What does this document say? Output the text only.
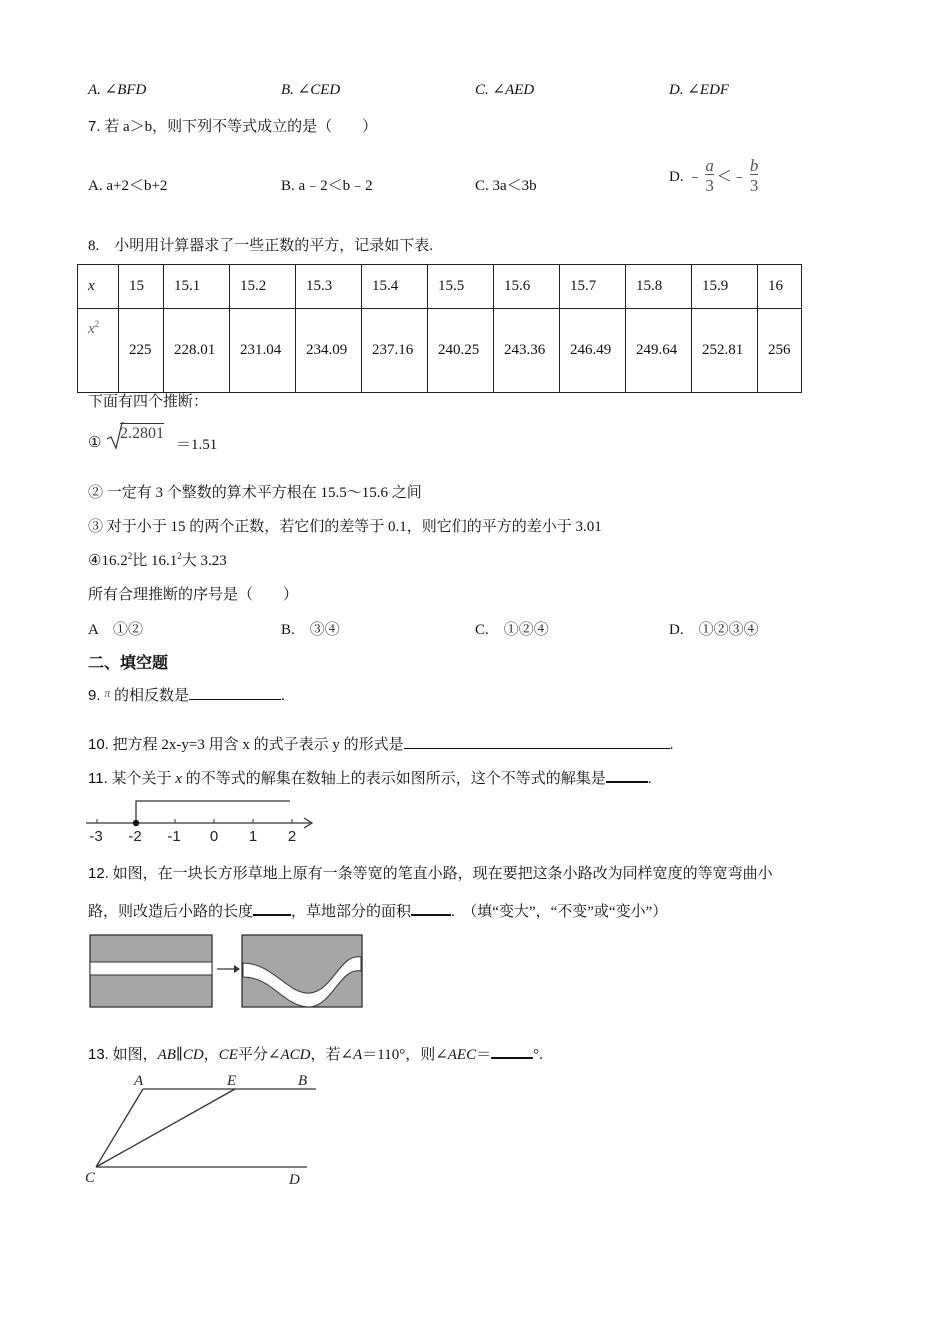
A. ∠BFD	B. ∠CED	C. ∠AED	D. ∠EDF
7. 若 a＞b，则下列不等式成立的是（　　）
A. a+2＜b+2	B. a﹣2＜b﹣2	C. 3a＜3b
D. ﹣ $\frac{a}{3}$ ＜﹣ $\frac{b}{3}$
8.　小明用计算器求了一些正数的平方，记录如下表.
x	15	15.1	15.2	15.3	15.4	15.5	15.6	15.7	15.8	15.9	16
$x^2$	225	228.01	231.04	234.09	237.16	240.25	243.36	246.49	249.64	252.81	256
下面有四个推断：
①
2.2801
＝1.51
② 一定有 3 个整数的算术平方根在 15.5～15.6 之间
③ 对于小于 15 的两个正数，若它们的差等于 0.1，则它们的平方的差小于 3.01
④16.2$^2$比 16.1$^2$大 3.23
所有合理推断的序号是（　　）
A　①②	B.　③④	C.　①②④	D.　①②③④
二、填空题
9. $^\pi$ 的相反数是	.
10. 把方程 2x-y=3 用含 x 的式子表示 y 的形式是	.
11. 某个关于 x 的不等式的解集在数轴上的表示如图所示，这个不等式的解集是	.
-3 -2 -1 0 1 2
12. 如图，在一块长方形草地上原有一条等宽的笔直小路，现在要把这条小路改为同样宽度的等宽弯曲小
路，则改造后小路的长度	，草地部分的面积	.　（填“变大”，“不变”或“变小”）
13. 如图，AB∥CD，CE平分∠ACD，若∠A＝110°，则∠AEC＝	°.
A	E	B
C	D
